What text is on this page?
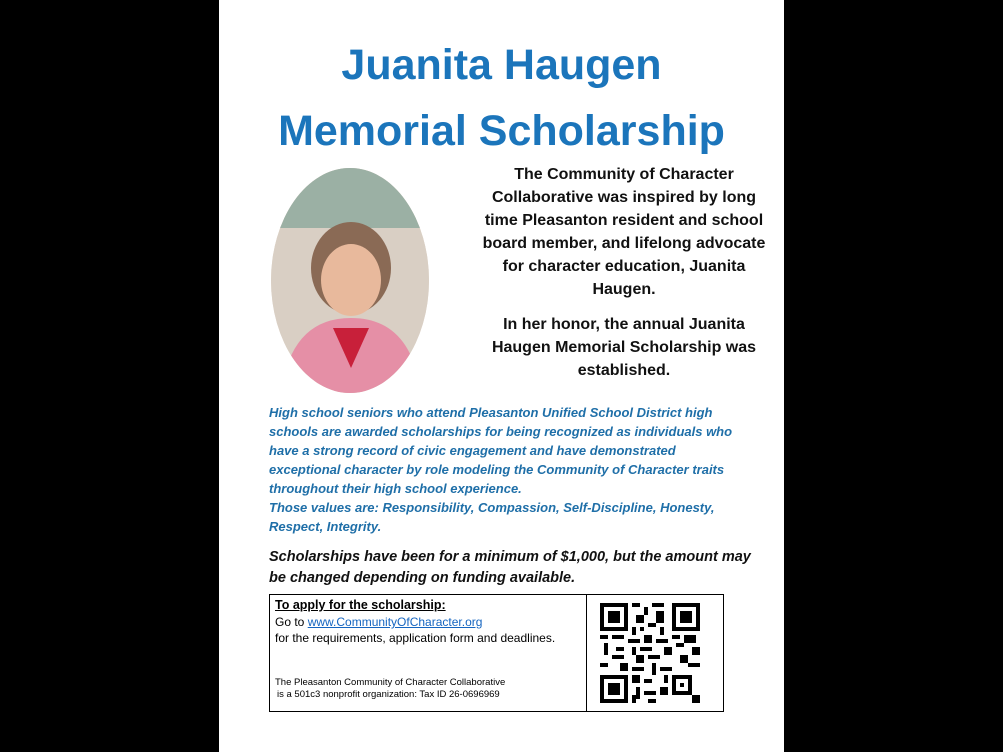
Juanita Haugen
Memorial Scholarship
The Community of Character Collaborative was inspired by long time Pleasanton resident and school board member, and lifelong advocate for character education, Juanita Haugen.
In her honor, the annual Juanita Haugen Memorial Scholarship was established.
High school seniors who attend Pleasanton Unified School District high schools are awarded scholarships for being recognized as individuals who have a strong record of civic engagement and have demonstrated exceptional character by role modeling the Community of Character traits throughout their high school experience.
Those values are: Responsibility, Compassion, Self-Discipline, Honesty, Respect, Integrity.
Scholarships have been for a minimum of $1,000, but the amount may be changed depending on funding available.
To apply for the scholarship:
Go to www.CommunityOfCharacter.org
for the requirements, application form and deadlines.
The Pleasanton Community of Character Collaborative
is a 501c3 nonprofit organization: Tax ID 26-0696969
